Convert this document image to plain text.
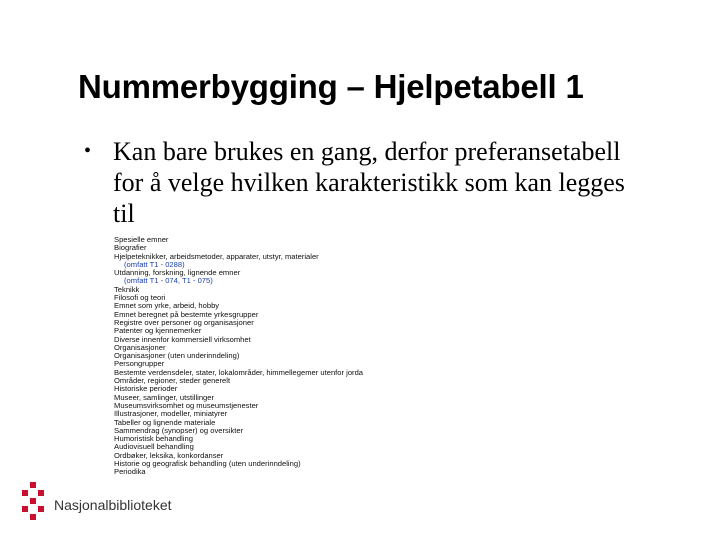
Nummerbygging – Hjelpetabell 1
• Kan bare brukes en gang, derfor preferansetabell for å velge hvilken karakteristikk som kan legges til
Spesielle emner
Biografier
Hjelpeteknikker, arbeidsmetoder, apparater, utstyr, materialer
(omfatt T1 - 0288)
Utdanning, forskning, lignende emner
(omfatt T1 - 074, T1 - 075)
Teknikk
Filosofi og teori
Emnet som yrke, arbeid, hobby
Emnet beregnet på bestemte yrkesgrupper
Registre over personer og organisasjoner
Patenter og kjennemerker
Diverse innenfor kommersiell virksomhet
Organisasjoner
Organisasjoner (uten underinndeling)
Persongrupper
Bestemte verdensdeler, stater, lokalområder, himmellegemer utenfor jorda
Områder, regioner, steder generelt
Historiske perioder
Museer, samlinger, utstillinger
Museumsvirksomhet og museumstjenester
Illustrasjoner, modeller, miniatyrer
Tabeller og lignende materiale
Sammendrag (synopser) og oversikter
Humoristisk behandling
Audiovisuell behandling
Ordbøker, leksika, konkordanser
Historie og geografisk behandling (uten underinndeling)
Periodika
Nasjonalbiblioteket
